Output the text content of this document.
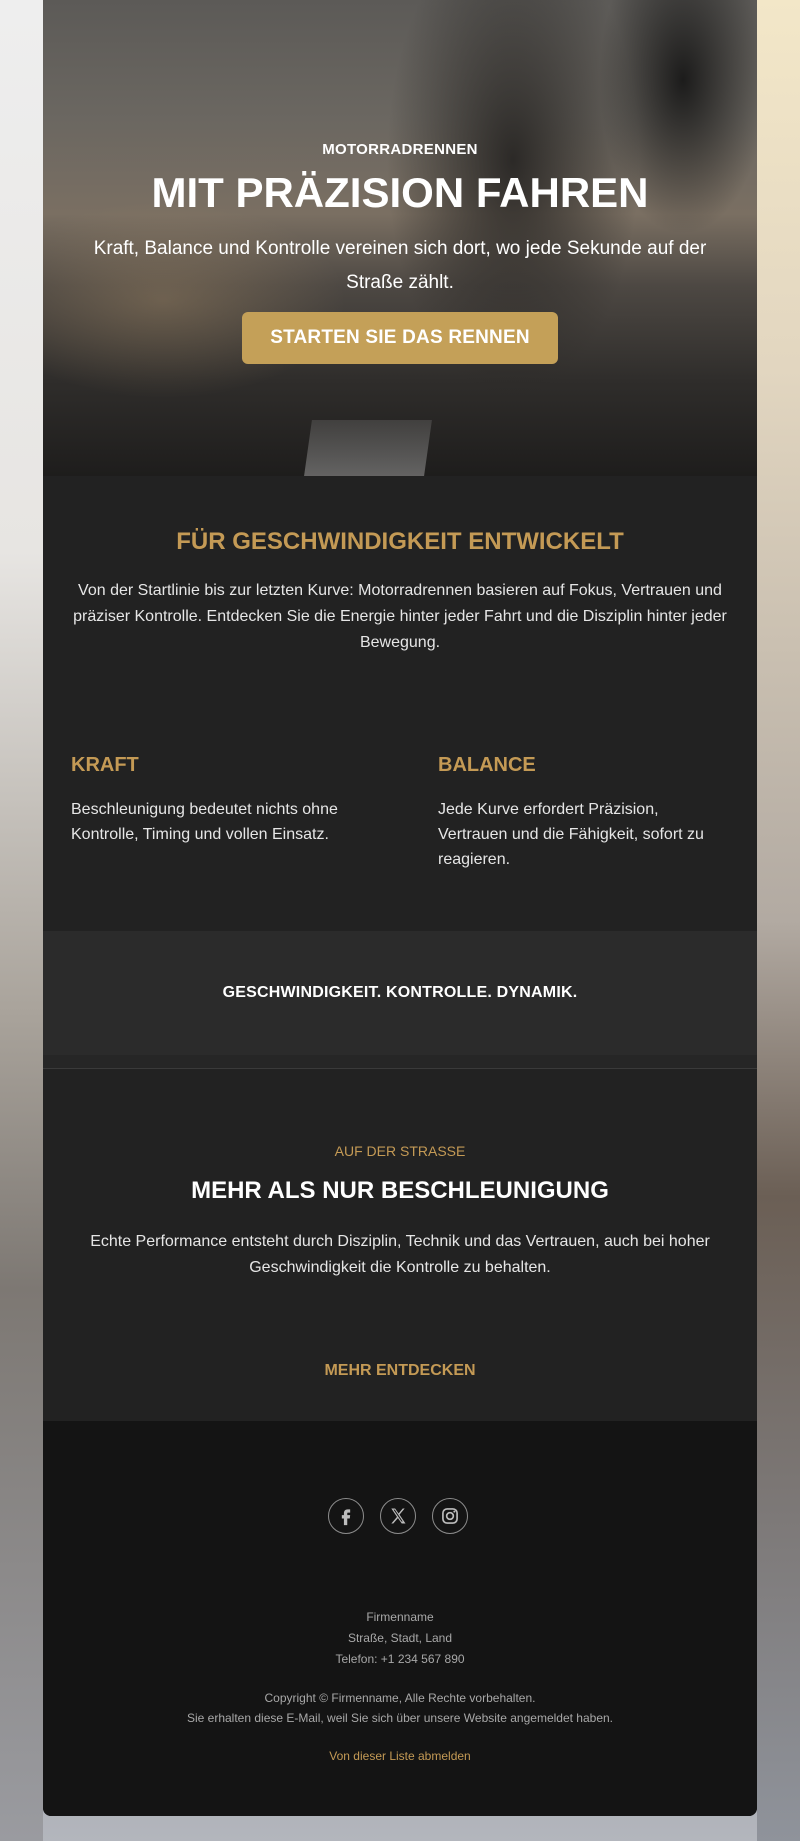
MOTORRADRENNEN
MIT PRÄZISION FAHREN
Kraft, Balance und Kontrolle vereinen sich dort, wo jede Sekunde auf der Straße zählt.
STARTEN SIE DAS RENNEN
FÜR GESCHWINDIGKEIT ENTWICKELT

Von der Startlinie bis zur letzten Kurve: Motorradrennen basieren auf Fokus, Vertrauen und präziser Kontrolle. Entdecken Sie die Energie hinter jeder Fahrt und die Disziplin hinter jeder Bewegung.

KRAFT

Beschleunigung bedeutet nichts ohne Kontrolle, Timing und vollen Einsatz.

BALANCE

Jede Kurve erfordert Präzision, Vertrauen und die Fähigkeit, sofort zu reagieren.

GESCHWINDIGKEIT. KONTROLLE. DYNAMIK.
AUF DER STRASSE
MEHR ALS NUR BESCHLEUNIGUNG

Echte Performance entsteht durch Disziplin, Technik und das Vertrauen, auch bei hoher Geschwindigkeit die Kontrolle zu behalten.

MEHR ENTDECKEN
Firmenname
Straße, Stadt, Land
Telefon: +1 234 567 890
Copyright © Firmenname, Alle Rechte vorbehalten.
Sie erhalten diese E-Mail, weil Sie sich über unsere Website angemeldet haben.
Von dieser Liste abmelden
